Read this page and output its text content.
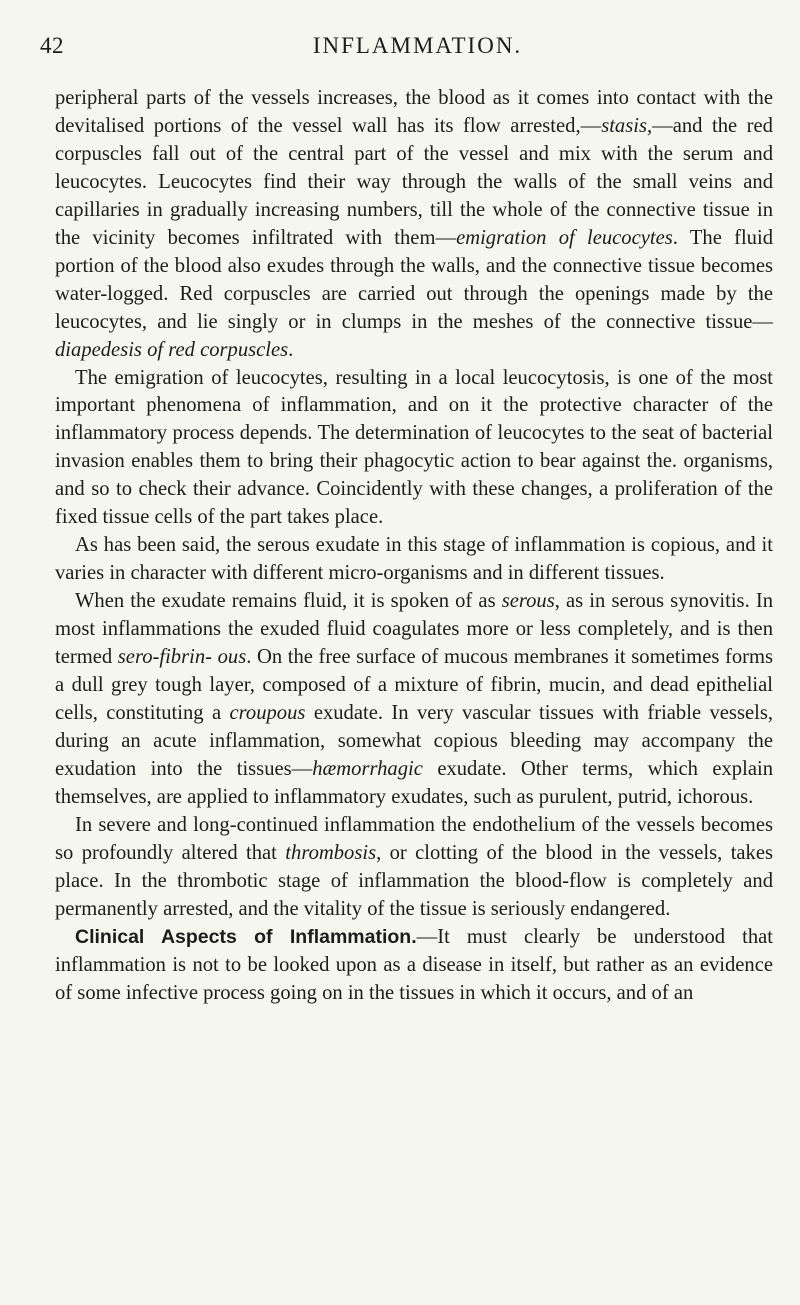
42	INFLAMMATION.

peripheral parts of the vessels increases, the blood as it comes into contact with the devitalised portions of the vessel wall has its flow arrested,—stasis,—and the red corpuscles fall out of the central part of the vessel and mix with the serum and leucocytes. Leucocytes find their way through the walls of the small veins and capillaries in gradually increasing numbers, till the whole of the connective tissue in the vicinity becomes infiltrated with them—emigration of leucocytes. The fluid portion of the blood also exudes through the walls, and the connective tissue becomes water-logged. Red corpuscles are carried out through the openings made by the leucocytes, and lie singly or in clumps in the meshes of the connective tissue—diapedesis of red corpuscles.

The emigration of leucocytes, resulting in a local leucocytosis, is one of the most important phenomena of inflammation, and on it the protective character of the inflammatory process depends. The determination of leucocytes to the seat of bacterial invasion enables them to bring their phagocytic action to bear against the. organisms, and so to check their advance. Coincidently with these changes, a proliferation of the fixed tissue cells of the part takes place.

As has been said, the serous exudate in this stage of inflammation is copious, and it varies in character with different micro-organisms and in different tissues.

When the exudate remains fluid, it is spoken of as serous, as in serous synovitis. In most inflammations the exuded fluid coagulates more or less completely, and is then termed sero-fibrin- ous. On the free surface of mucous membranes it sometimes forms a dull grey tough layer, composed of a mixture of fibrin, mucin, and dead epithelial cells, constituting a croupous exudate. In very vascular tissues with friable vessels, during an acute inflammation, somewhat copious bleeding may accompany the exudation into the tissues—hæmorrhagic exudate. Other terms, which explain themselves, are applied to inflammatory exudates, such as purulent, putrid, ichorous.

In severe and long-continued inflammation the endothelium of the vessels becomes so profoundly altered that thrombosis, or clotting of the blood in the vessels, takes place. In the thrombotic stage of inflammation the blood-flow is completely and permanently arrested, and the vitality of the tissue is seriously endangered.

Clinical Aspects of Inflammation.—It must clearly be understood that inflammation is not to be looked upon as a disease in itself, but rather as an evidence of some infective process going on in the tissues in which it occurs, and of an
